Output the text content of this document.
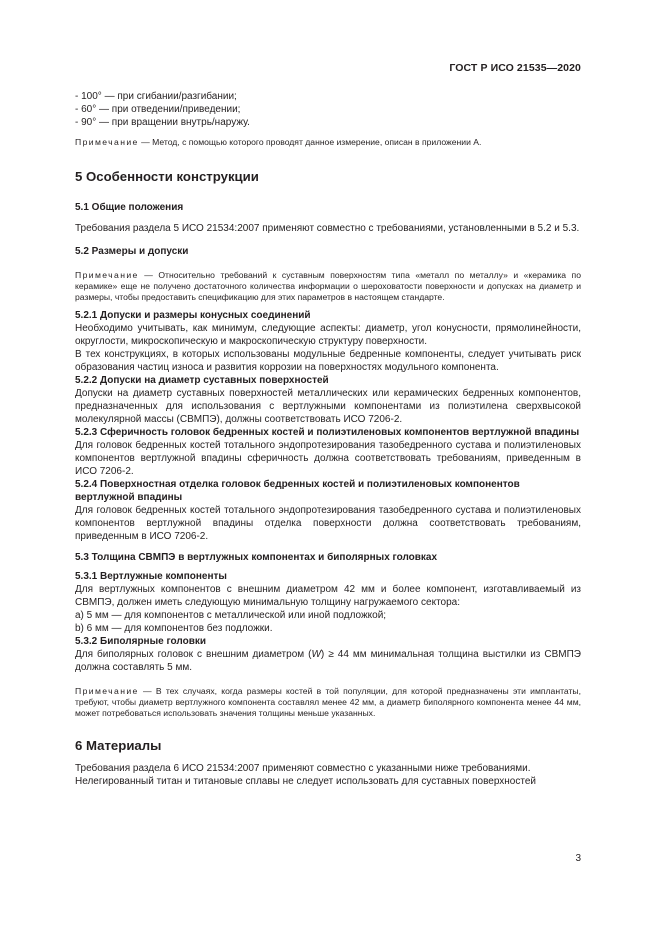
ГОСТ Р ИСО 21535—2020
- 100° — при сгибании/разгибании;
- 60° — при отведении/приведении;
- 90° — при вращении внутрь/наружу.

Примечание — Метод, с помощью которого проводят данное измерение, описан в приложении А.

5 Особенности конструкции
5.1 Общие положения

Требования раздела 5 ИСО 21534:2007 применяют совместно с требованиями, установленными в 5.2 и 5.3.

5.2 Размеры и допуски

Примечание — Относительно требований к суставным поверхностям типа «металл по металлу» и «керамика по керамике» еще не получено достаточного количества информации о шероховатости поверхности и допусках на диаметр и размеры, чтобы предоставить спецификацию для этих параметров в настоящем стандарте.

5.2.1 Допуски и размеры конусных соединений

Необходимо учитывать, как минимум, следующие аспекты: диаметр, угол конусности, прямолинейности, округлости, микроскопическую и макроскопическую структуру поверхности.

В тех конструкциях, в которых использованы модульные бедренные компоненты, следует учитывать риск образования частиц износа и развития коррозии на поверхностях модульного компонента.

5.2.2 Допуски на диаметр суставных поверхностей

Допуски на диаметр суставных поверхностей металлических или керамических бедренных компонентов, предназначенных для использования с вертлужными компонентами из полиэтилена сверхвысокой молекулярной массы (СВМПЭ), должны соответствовать ИСО 7206-2.

5.2.3 Сферичность головок бедренных костей и полиэтиленовых компонентов вертлужной впадины

Для головок бедренных костей тотального эндопротезирования тазобедренного сустава и полиэтиленовых компонентов вертлужной впадины сферичность должна соответствовать требованиям, приведенным в ИСО 7206-2.

5.2.4 Поверхностная отделка головок бедренных костей и полиэтиленовых компонентов вертлужной впадины

Для головок бедренных костей тотального эндопротезирования тазобедренного сустава и полиэтиленовых компонентов вертлужной впадины отделка поверхности должна соответствовать требованиям, приведенным в ИСО 7206-2.

5.3 Толщина СВМПЭ в вертлужных компонентах и биполярных головках
5.3.1 Вертлужные компоненты

Для вертлужных компонентов с внешним диаметром 42 мм и более компонент, изготавливаемый из СВМПЭ, должен иметь следующую минимальную толщину нагружаемого сектора:

а) 5 мм — для компонентов с металлической или иной подложкой;
b) 6 мм — для компонентов без подложки.
5.3.2 Биполярные головки

Для биполярных головок с внешним диаметром (W) ≥ 44 мм минимальная толщина выстилки из СВМПЭ должна составлять 5 мм.

Примечание — В тех случаях, когда размеры костей в той популяции, для которой предназначены эти имплантаты, требуют, чтобы диаметр вертлужного компонента составлял менее 42 мм, а диаметр биполярного компонента менее 44 мм, может потребоваться использовать значения толщины меньше указанных.

6 Материалы

Требования раздела 6 ИСО 21534:2007 применяют совместно с указанными ниже требованиями.

Нелегированный титан и титановые сплавы не следует использовать для суставных поверхностей

3
